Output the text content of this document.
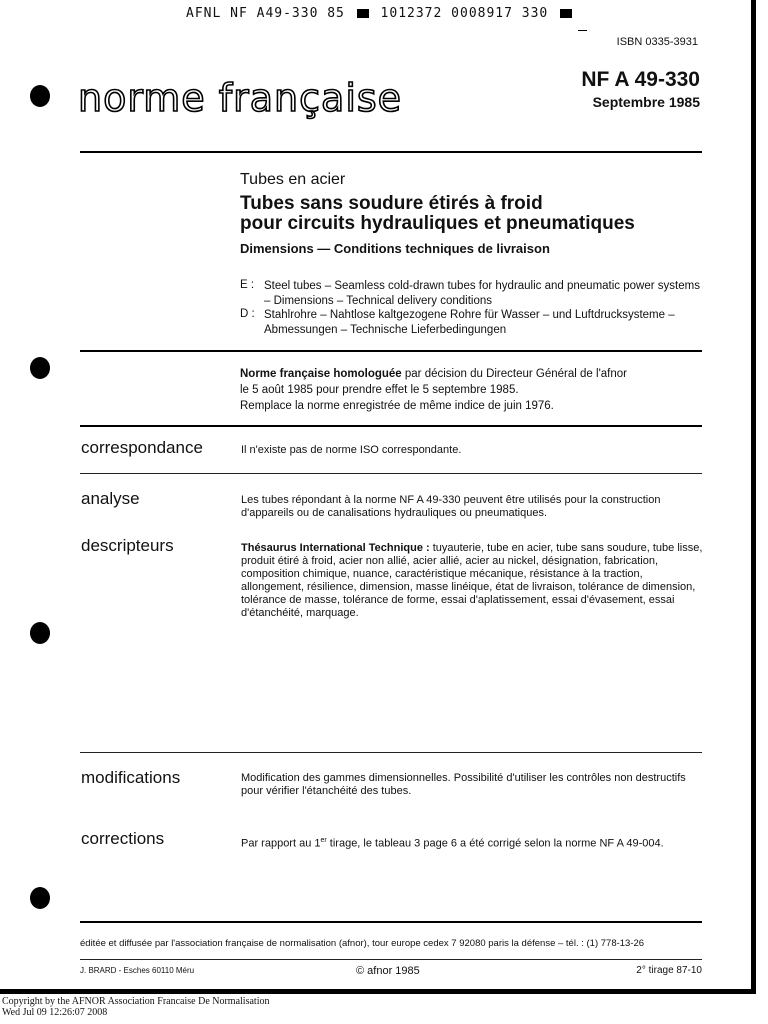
AFNL NF A49-330 85	1012372 0008917 330
ISBN 0335-3931
norme française	NF A 49-330
Septembre 1985
Tubes en acier
Tubes sans soudure étirés à froid
pour circuits hydrauliques et pneumatiques
Dimensions — Conditions techniques de livraison
E : Steel tubes – Seamless cold-drawn tubes for hydraulic and pneumatic power systems – Dimensions – Technical delivery conditions
D : Stahlrohre – Nahtlose kaltgezogene Rohre für Wasser – und Luftdrucksysteme – Abmessungen – Technische Lieferbedingungen
Norme française homologuée par décision du Directeur Général de l'afnor
le 5 août 1985 pour prendre effet le 5 septembre 1985.
Remplace la norme enregistrée de même indice de juin 1976.
correspondance	Il n'existe pas de norme ISO correspondante.
analyse	Les tubes répondant à la norme NF A 49-330 peuvent être utilisés pour la construction d'appareils ou de canalisations hydrauliques ou pneumatiques.
descripteurs	Thésaurus International Technique : tuyauterie, tube en acier, tube sans soudure, tube lisse, produit étiré à froid, acier non allié, acier allié, acier au nickel, désignation, fabrication, composition chimique, nuance, caractéristique mécanique, résistance à la traction, allongement, résilience, dimension, masse linéique, état de livraison, tolérance de dimension, tolérance de masse, tolérance de forme, essai d'aplatissement, essai d'évasement, essai d'étanchéité, marquage.
modifications	Modification des gammes dimensionnelles. Possibilité d'utiliser les contrôles non destructifs pour vérifier l'étanchéité des tubes.
corrections	Par rapport au 1er tirage, le tableau 3 page 6 a été corrigé selon la norme NF A 49-004.
éditée et diffusée par l'association française de normalisation (afnor), tour europe cedex 7 92080 paris la défense – tél. : (1) 778-13-26
J. BRARD - Esches 60110 Méru	© afnor 1985	2° tirage 87-10
Copyright by the AFNOR Association Francaise De Normalisation
Wed Jul 09 12:26:07 2008
